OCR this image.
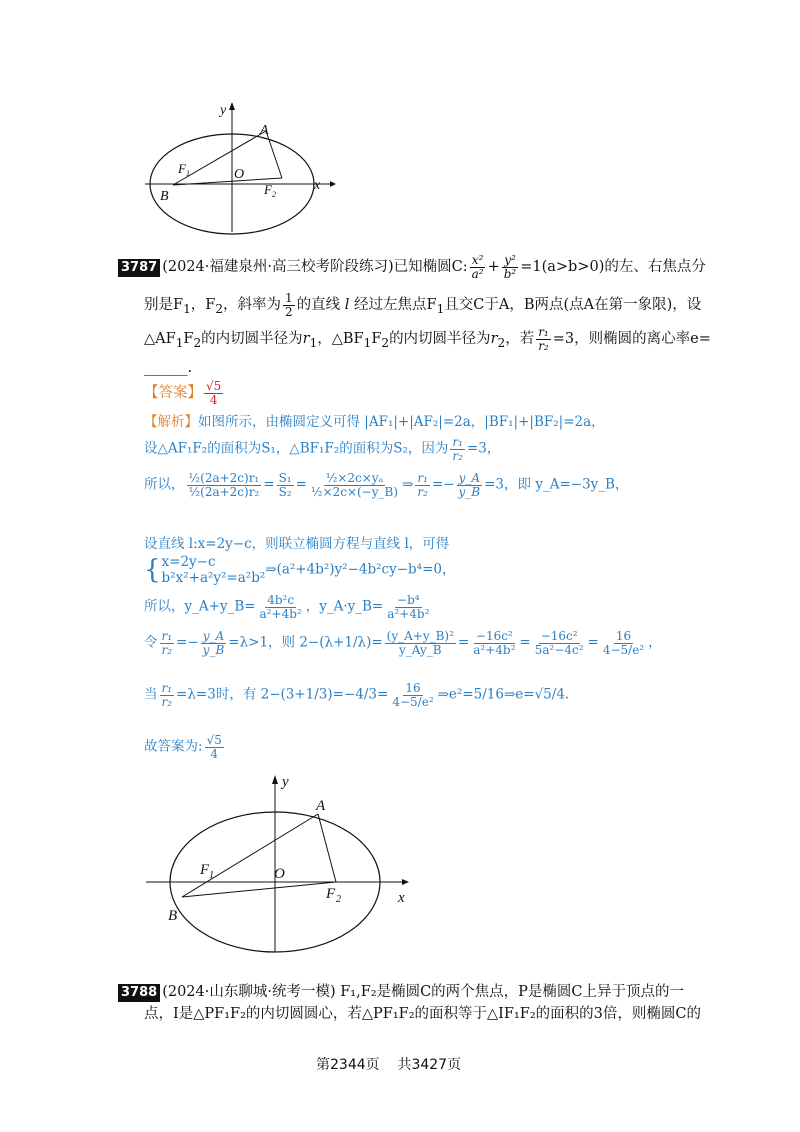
y
x
A
B
O
F 1
F 2
3787 (2024·福建泉州·高三校考阶段练习)已知椭圆C: $\frac{\text{x²}}{\text{a²}} + \frac{\text{y²}}{\text{b²}} =1(a>b>0)$的左、右焦点分
别是$F_1$，$F_2$，斜率为 $\frac{1}{2}$ 的直线 l 经过左焦点$F_1$且交C于A，B两点(点A在第一象限)，设
$\triangle AF_1F_2$的内切圆半径为$r_1$，$\triangle BF_1F_2$的内切圆半径为$r_2$，若 $\frac{\text{r₁}}{\text{r₂}} =3$，则椭圆的离心率e=
______.
【答案】 $\frac{√5}{4}$
【解析】如图所示，由椭圆定义可得 |AF₁|+|AF₂|=2a，|BF₁|+|BF₂|=2a，
设△AF₁F₂的面积为S₁，△BF₁F₂的面积为S₂，因为 $\frac{\text{r₁}}{\text{r₂}} =3$，
所以， $\frac{\text{½(2a+2c)r₁}}{\text{½(2a+2c)r₂}} = \frac{\text{S₁}}{\text{S₂}} = \frac{\text{½×2c×yₐ}}{\text{½×2c×(−y\_B)}}$ ⇒ $\frac{\text{r₁}}{\text{r₂}} =- \frac{y\_A}{y\_B} =3$，即 y_A=−3y_B，
设直线 l:x=2y−c，则联立椭圆方程与直线 l，可得
{ x=2y−c
b²x²+a²y²=a²b²
⇒(a²+4b²)y²−4b²cy−b⁴=0，
所以，y_A+y_B= $\frac{\text{4b²c}}{\text{a²+4b²}}$ ，y_A·y_B= $\frac{\text{−b⁴}}{\text{a²+4b²}}$
令 $\frac{\text{r₁}}{\text{r₂}} =- \frac{y\_A}{y\_B} =\lambda>1$，则 $2-(\lambda+1/\lambda)= \frac{\text{(y\_A+y\_B)²}}{y\_Ay\_B} = \frac{\text{−16c²}}{\text{a²+4b²}} = \frac{\text{−16c²}}{\text{5a²−4c²}} = \frac{16}{\text{4−5/e²}}$ ，
当 $\frac{\text{r₁}}{\text{r₂}} =\lambda=3$时，有 $2-(3+1/3)=-4/3= \frac{16}{\text{4−5/e²}}$ ⇒e²=5/16⇒e=√5/4.
故答案为: $\frac{√5}{4}$
y
x
A
B
O
F 1
F 2
3788 (2024·山东聊城·统考一模) F₁,F₂是椭圆C的两个焦点，P是椭圆C上异于顶点的一
点，I是△PF₁F₂的内切圆圆心，若△PF₁F₂的面积等于△IF₁F₂的面积的3倍，则椭圆C的
第2344页 共3427页
